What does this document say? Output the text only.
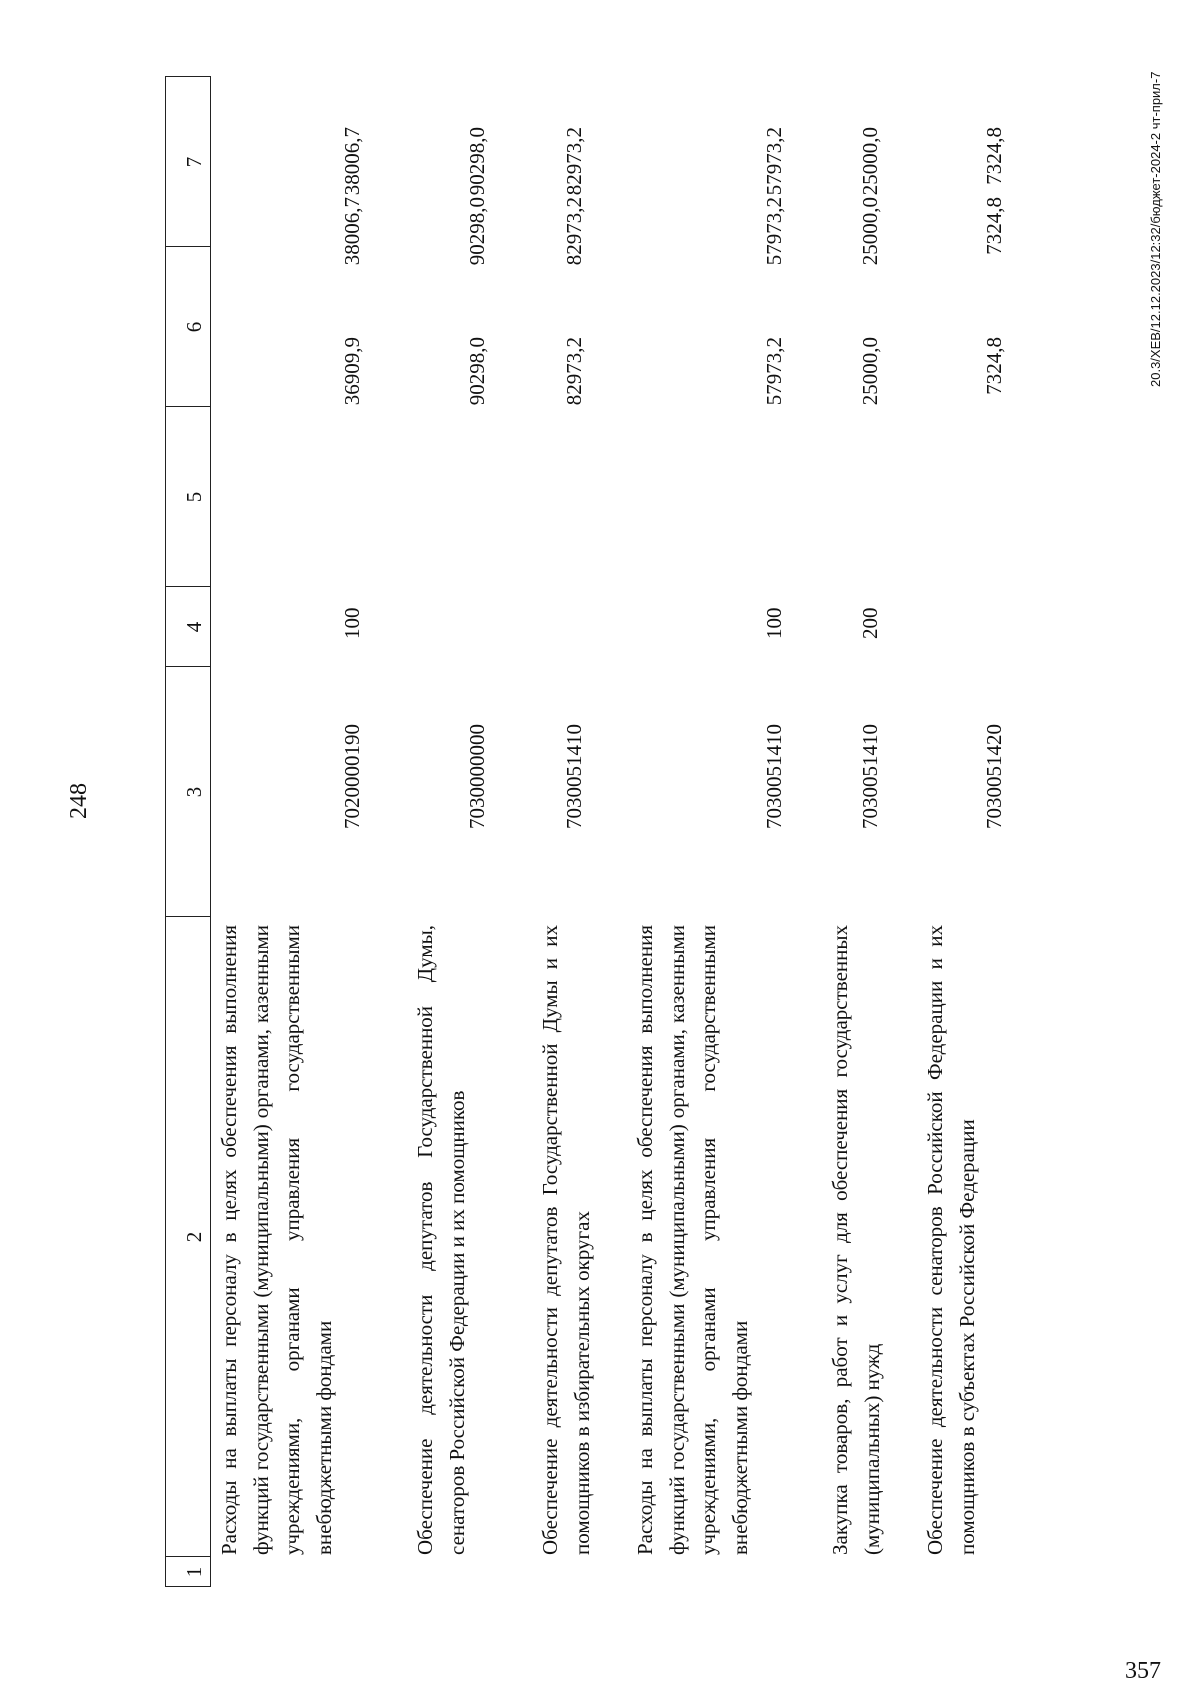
248
1
2
3
4
5
6
7
Расходы на выплаты персоналу в целях обеспечения выполнения функций государственными (муниципальными) органами, казенными учреждениями, органами управления государственными внебюджетными фондами
7020000190
100
36909,9
38006,7
38006,7
Обеспечение деятельности депутатов Государственной Думы, сенаторов Российской Федерации и их помощников
7030000000
90298,0
90298,0
90298,0
Обеспечение деятельности депутатов Государственной Думы и их помощников в избирательных округах
7030051410
82973,2
82973,2
82973,2
Расходы на выплаты персоналу в целях обеспечения выполнения функций государственными (муниципальными) органами, казенными учреждениями, органами управления государственными внебюджетными фондами
7030051410
100
57973,2
57973,2
57973,2
Закупка товаров, работ и услуг для обеспечения государственных (муниципальных) нужд
7030051410
200
25000,0
25000,0
25000,0
Обеспечение деятельности сенаторов Российской Федерации и их помощников в субъектах Российской Федерации
7030051420
7324,8
7324,8
7324,8	20.3/XEB/12.12.2023/12:32/бюджет-2024-2 чт-прил-7
357
